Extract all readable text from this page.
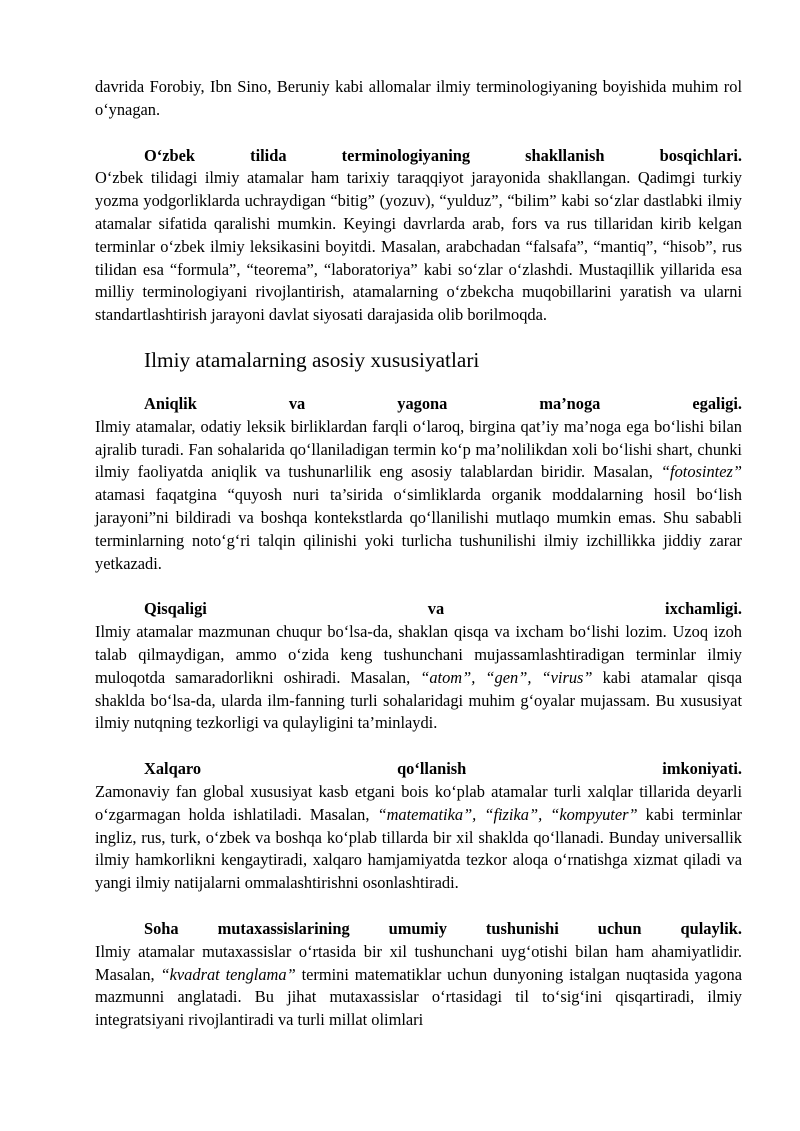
davrida Forobiy, Ibn Sino, Beruniy kabi allomalar ilmiy terminologiyaning boyishida muhim rol o‘ynagan.

O‘zbek tilida terminologiyaning shakllanish bosqichlari.

O‘zbek tilidagi ilmiy atamalar ham tarixiy taraqqiyot jarayonida shakllangan. Qadimgi turkiy yozma yodgorliklarda uchraydigan “bitig” (yozuv), “yulduz”, “bilim” kabi so‘zlar dastlabki ilmiy atamalar sifatida qaralishi mumkin. Keyingi davrlarda arab, fors va rus tillaridan kirib kelgan terminlar o‘zbek ilmiy leksikasini boyitdi. Masalan, arabchadan “falsafa”, “mantiq”, “hisob”, rus tilidan esa “formula”, “teorema”, “laboratoriya” kabi so‘zlar o‘zlashdi. Mustaqillik yillarida esa milliy terminologiyani rivojlantirish, atamalarning o‘zbekcha muqobillarini yaratish va ularni standartlashtirish jarayoni davlat siyosati darajasida olib borilmoqda.

Ilmiy atamalarning asosiy xususiyatlari

Aniqlik va yagona ma’noga egaligi.

Ilmiy atamalar, odatiy leksik birliklardan farqli o‘laroq, birgina qat’iy ma’noga ega bo‘lishi bilan ajralib turadi. Fan sohalarida qo‘llaniladigan termin ko‘p ma’nolilikdan xoli bo‘lishi shart, chunki ilmiy faoliyatda aniqlik va tushunarlilik eng asosiy talablardan biridir. Masalan, “fotosintez” atamasi faqatgina “quyosh nuri ta’sirida o‘simliklarda organik moddalarning hosil bo‘lish jarayoni”ni bildiradi va boshqa kontekstlarda qo‘llanilishi mutlaqo mumkin emas. Shu sababli terminlarning noto‘g‘ri talqin qilinishi yoki turlicha tushunilishi ilmiy izchillikka jiddiy zarar yetkazadi.

Qisqaligi va ixchamligi.

Ilmiy atamalar mazmunan chuqur bo‘lsa-da, shaklan qisqa va ixcham bo‘lishi lozim. Uzoq izoh talab qilmaydigan, ammo o‘zida keng tushunchani mujassamlashtiradigan terminlar ilmiy muloqotda samaradorlikni oshiradi. Masalan, “atom”, “gen”, “virus” kabi atamalar qisqa shaklda bo‘lsa-da, ularda ilm-fanning turli sohalaridagi muhim g‘oyalar mujassam. Bu xususiyat ilmiy nutqning tezkorligi va qulayligini ta’minlaydi.

Xalqaro qo‘llanish imkoniyati.

Zamonaviy fan global xususiyat kasb etgani bois ko‘plab atamalar turli xalqlar tillarida deyarli o‘zgarmagan holda ishlatiladi. Masalan, “matematika”, “fizika”, “kompyuter” kabi terminlar ingliz, rus, turk, o‘zbek va boshqa ko‘plab tillarda bir xil shaklda qo‘llanadi. Bunday universallik ilmiy hamkorlikni kengaytiradi, xalqaro hamjamiyatda tezkor aloqa o‘rnatishga xizmat qiladi va yangi ilmiy natijalarni ommalashtirishni osonlashtiradi.

Soha mutaxassislarining umumiy tushunishi uchun qulaylik.

Ilmiy atamalar mutaxassislar o‘rtasida bir xil tushunchani uyg‘otishi bilan ham ahamiyatlidir. Masalan, “kvadrat tenglama” termini matematiklar uchun dunyoning istalgan nuqtasida yagona mazmunni anglatadi. Bu jihat mutaxassislar o‘rtasidagi til to‘sig‘ini qisqartiradi, ilmiy integratsiyani rivojlantiradi va turli millat olimlari
